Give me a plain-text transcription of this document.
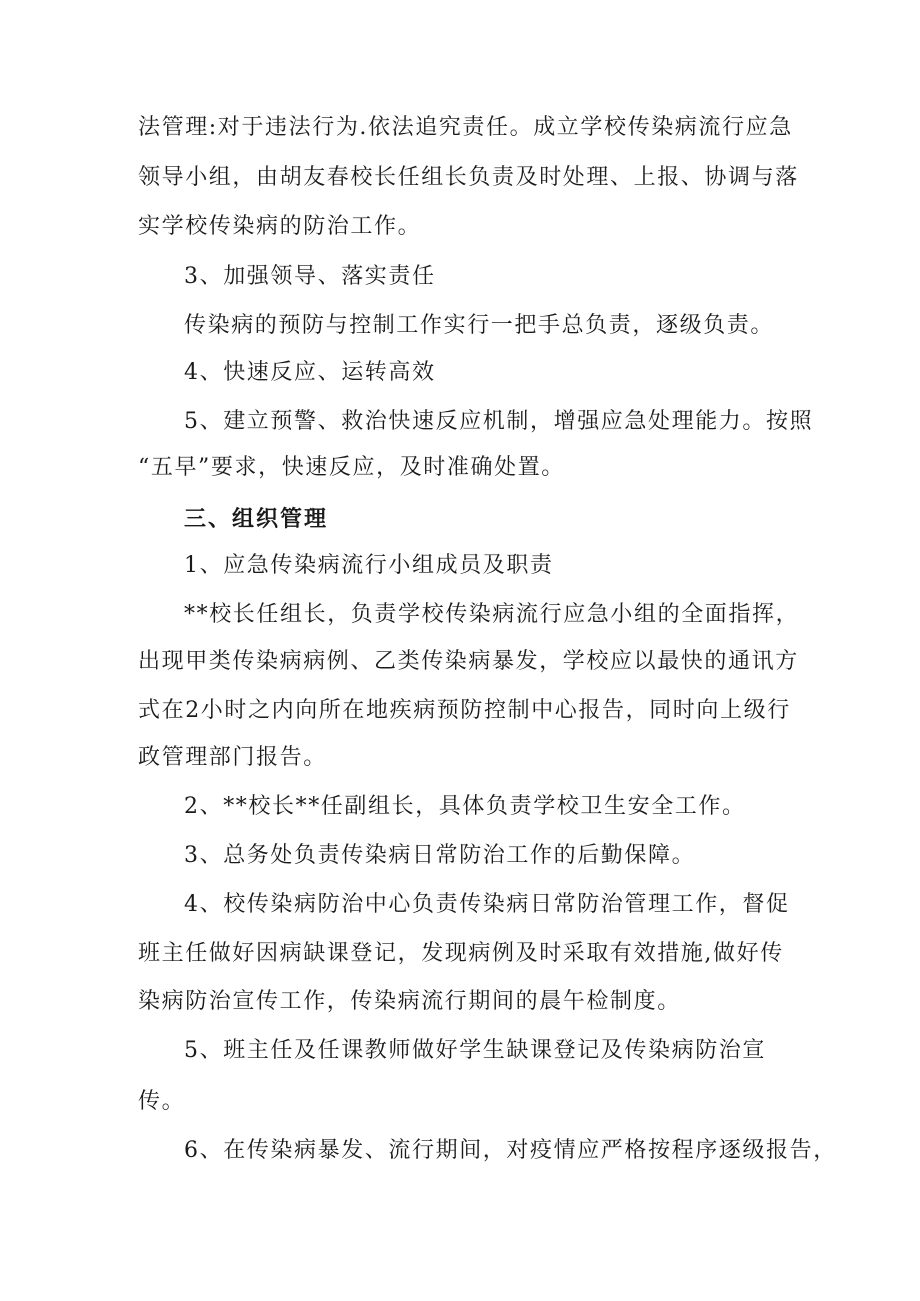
法管理:对于违法行为.依法追究责任。成立学校传染病流行应急
领导小组，由胡友春校长任组长负责及时处理、上报、协调与落
实学校传染病的防治工作。
3、加强领导、落实责任
传染病的预防与控制工作实行一把手总负责，逐级负责。
4、快速反应、运转高效
5、建立预警、救治快速反应机制，增强应急处理能力。按照
“五早”要求，快速反应，及时准确处置。
三、组织管理
1、应急传染病流行小组成员及职责
**校长任组长，负责学校传染病流行应急小组的全面指挥，
出现甲类传染病病例、乙类传染病暴发，学校应以最快的通讯方
式在2小时之内向所在地疾病预防控制中心报告，同时向上级行
政管理部门报告。
2、**校长**任副组长，具体负责学校卫生安全工作。
3、总务处负责传染病日常防治工作的后勤保障。
4、校传染病防治中心负责传染病日常防治管理工作，督促
班主任做好因病缺课登记，发现病例及时采取有效措施,做好传
染病防治宣传工作，传染病流行期间的晨午检制度。
5、班主任及任课教师做好学生缺课登记及传染病防治宣
传。
6、在传染病暴发、流行期间，对疫情应严格按程序逐级报告，
